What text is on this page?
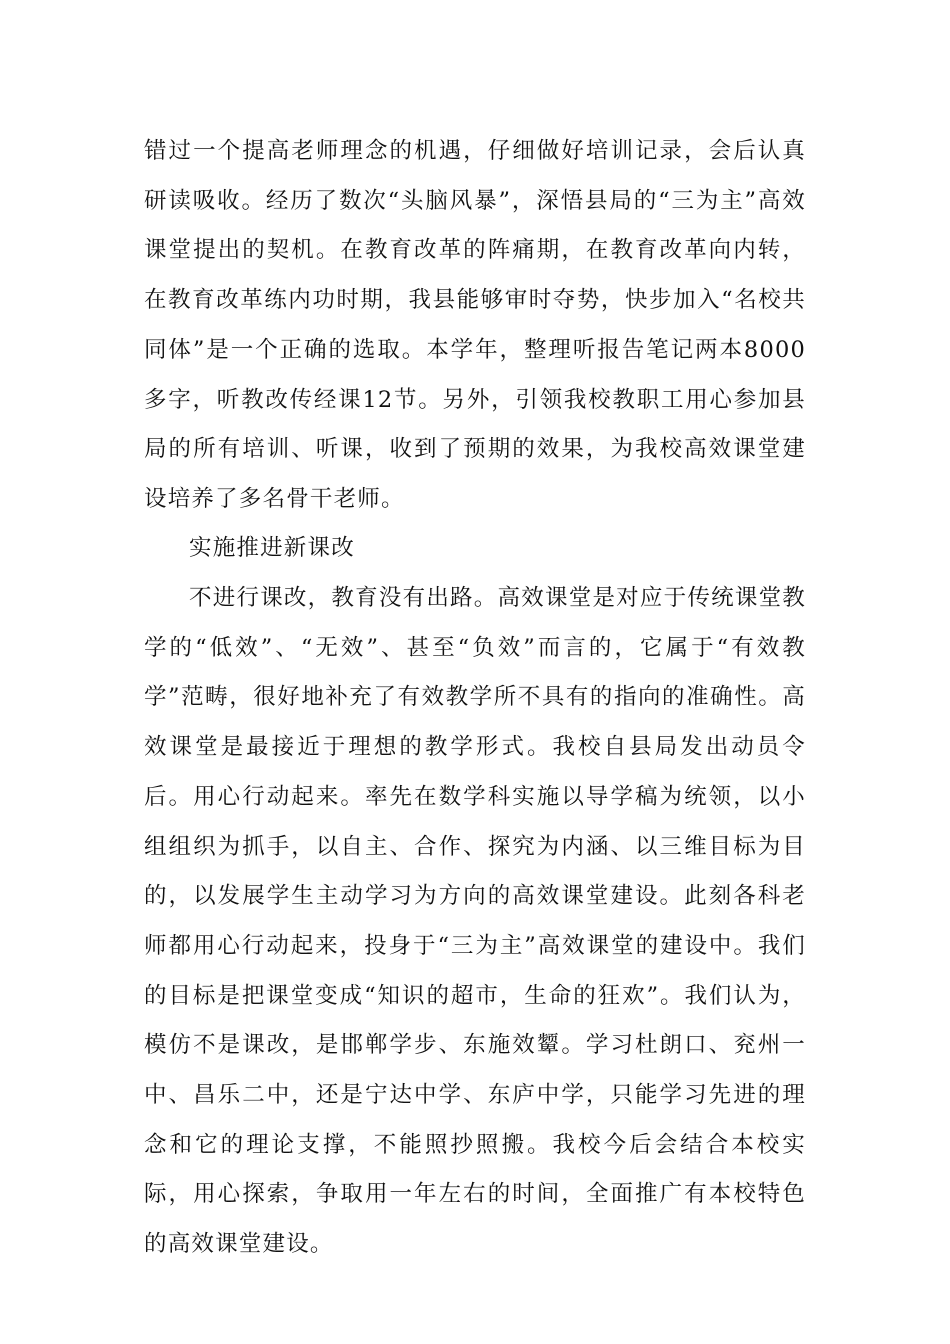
错过一个提高老师理念的机遇，仔细做好培训记录，会后认真研读吸收。经历了数次“头脑风暴”，深悟县局的“三为主”高效课堂提出的契机。在教育改革的阵痛期，在教育改革向内转，在教育改革练内功时期，我县能够审时夺势，快步加入“名校共同体”是一个正确的选取。本学年，整理听报告笔记两本8000多字，听教改传经课12节。另外，引领我校教职工用心参加县局的所有培训、听课，收到了预期的效果，为我校高效课堂建设培养了多名骨干老师。

实施推进新课改

不进行课改，教育没有出路。高效课堂是对应于传统课堂教学的“低效”、“无效”、甚至“负效”而言的，它属于“有效教学”范畴，很好地补充了有效教学所不具有的指向的准确性。高效课堂是最接近于理想的教学形式。我校自县局发出动员令后。用心行动起来。率先在数学科实施以导学稿为统领，以小组组织为抓手，以自主、合作、探究为内涵、以三维目标为目的，以发展学生主动学习为方向的高效课堂建设。此刻各科老师都用心行动起来，投身于“三为主”高效课堂的建设中。我们的目标是把课堂变成“知识的超市，生命的狂欢”。我们认为，模仿不是课改，是邯郸学步、东施效颦。学习杜朗口、兖州一中、昌乐二中，还是宁达中学、东庐中学，只能学习先进的理念和它的理论支撑，不能照抄照搬。我校今后会结合本校实际，用心探索，争取用一年左右的时间，全面推广有本校特色的高效课堂建设。
